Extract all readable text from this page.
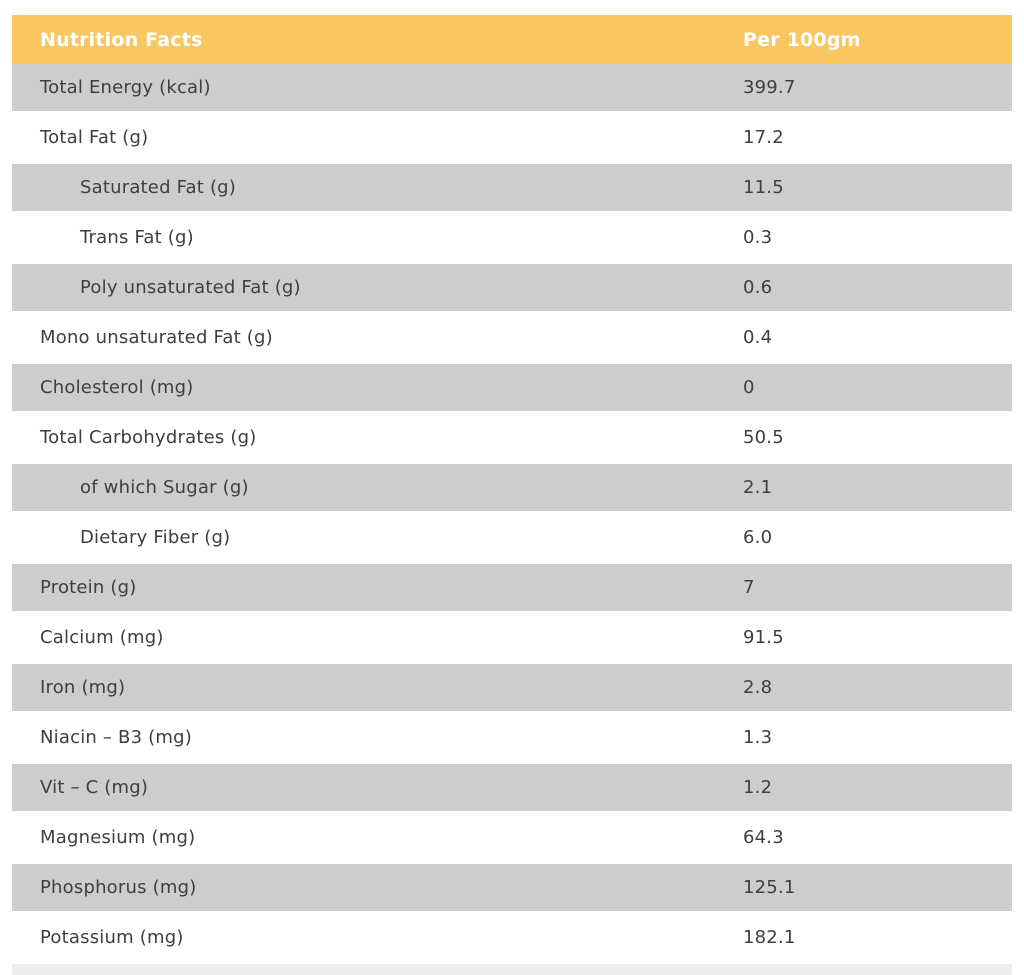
Nutrition Facts	Per 100gm
Total Energy (kcal)	399.7
Total Fat (g)	17.2
Saturated Fat (g)	11.5
Trans Fat (g)	0.3
Poly unsaturated Fat (g)	0.6
Mono unsaturated Fat (g)	0.4
Cholesterol (mg)	0
Total Carbohydrates (g)	50.5
of which Sugar (g)	2.1
Dietary Fiber (g)	6.0
Protein (g)	7
Calcium (mg)	91.5
Iron (mg)	2.8
Niacin – B3 (mg)	1.3
Vit – C (mg)	1.2
Magnesium (mg)	64.3
Phosphorus (mg)	125.1
Potassium (mg)	182.1
